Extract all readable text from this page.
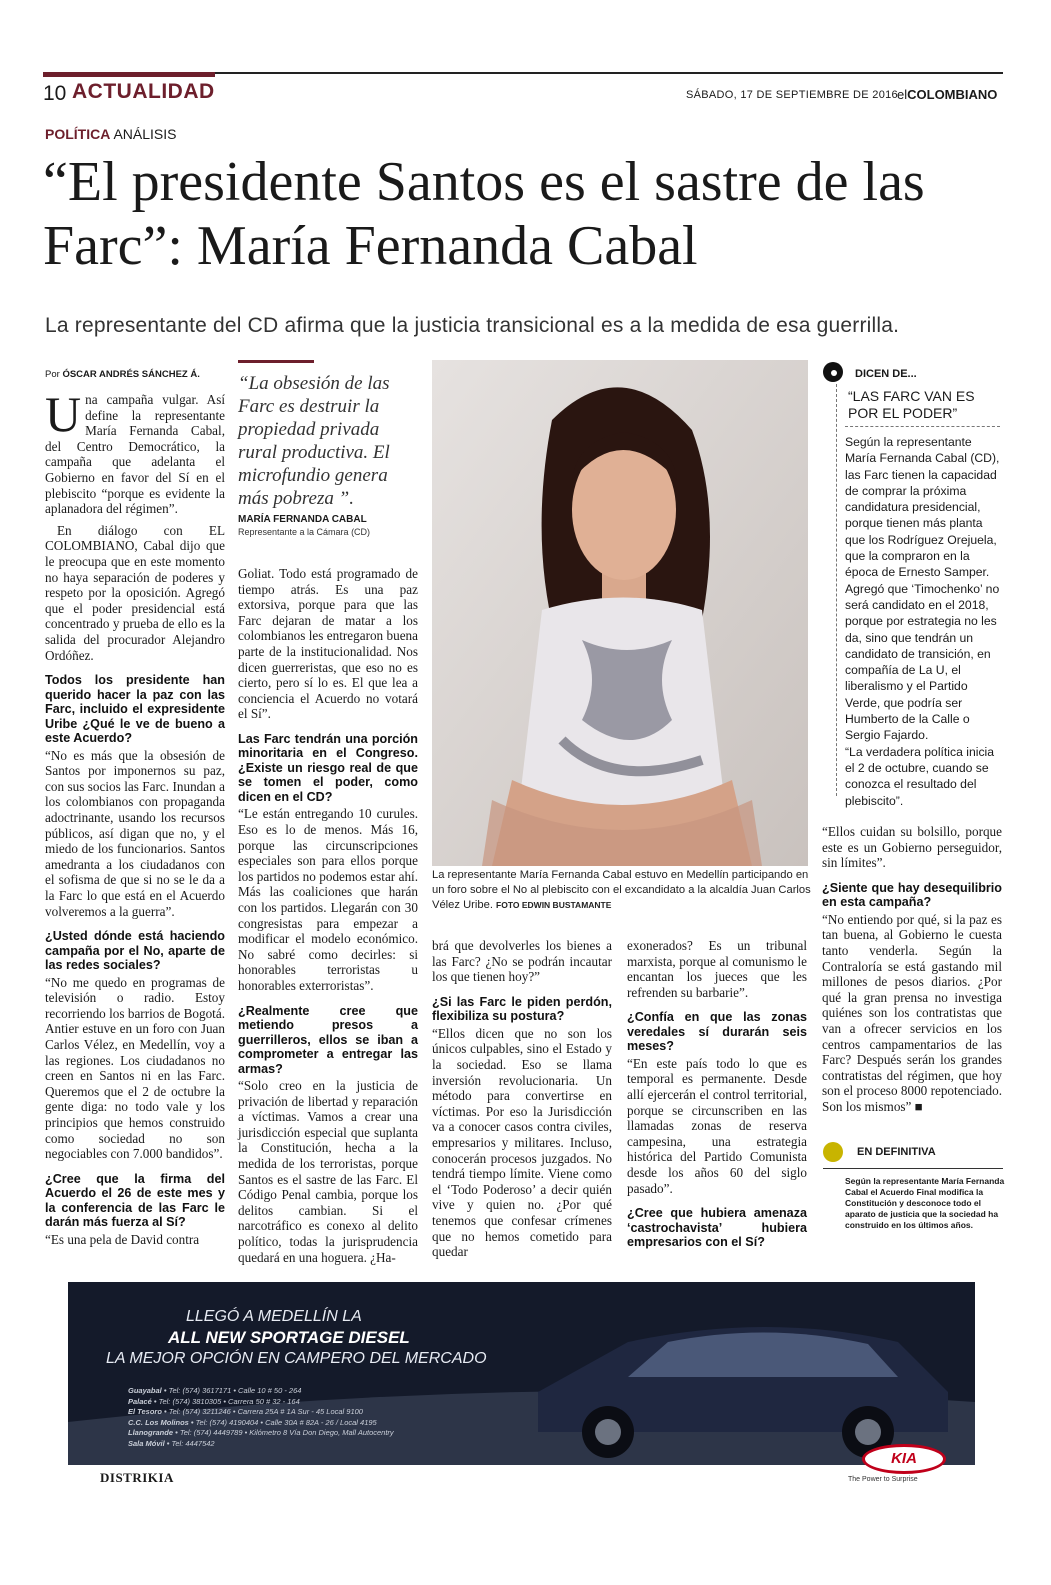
10 ACTUALIDAD	SÁBADO, 17 DE SEPTIEMBRE DE 2016 elCOLOMBIANO
POLÍTICA ANÁLISIS
“El presidente Santos es el sastre de las Farc”: María Fernanda Cabal
La representante del CD afirma que la justicia transicional es a la medida de esa guerrilla.
Por ÓSCAR ANDRÉS SÁNCHEZ Á.

Una campaña vulgar. Así define la representante María Fernanda Cabal, del Centro Democrático, la campaña que adelanta el Gobierno en favor del Sí en el plebiscito “porque es evidente la aplanadora del régimen”.

En diálogo con EL COLOMBIANO, Cabal dijo que le preocupa que en este momento no haya separación de poderes y respeto por la oposición. Agregó que el poder presidencial está concentrado y prueba de ello es la salida del procurador Alejandro Ordóñez.

Todos los presidente han querido hacer la paz con las Farc, incluido el expresidente Uribe ¿Qué le ve de bueno a este Acuerdo?

“No es más que la obsesión de Santos por imponernos su paz, con sus socios las Farc. Inundan a los colombianos con propaganda adoctrinante, usando los recursos públicos, así digan que no, y el miedo de los funcionarios. Santos amedranta a los ciudadanos con el sofisma de que si no se le da a la Farc lo que está en el Acuerdo volveremos a la guerra”.

¿Usted dónde está haciendo campaña por el No, aparte de las redes sociales?

“No me quedo en programas de televisión o radio. Estoy recorriendo los barrios de Bogotá. Antier estuve en un foro con Juan Carlos Vélez, en Medellín, voy a las regiones. Los ciudadanos no creen en Santos ni en las Farc. Queremos que el 2 de octubre la gente diga: no todo vale y los principios que hemos construido como sociedad no son negociables con 7.000 bandidos”.

¿Cree que la firma del Acuerdo el 26 de este mes y la conferencia de las Farc le darán más fuerza al Sí?

“Es una pela de David contra

“La obsesión de las Farc es destruir la propiedad privada rural productiva. El microfundio genera más pobreza ”.
MARÍA FERNANDA CABAL
Representante a la Cámara (CD)

Goliat. Todo está programado de tiempo atrás. Es una paz extorsiva, porque para que las Farc dejaran de matar a los colombianos les entregaron buena parte de la institucionalidad. Nos dicen guerreristas, que eso no es cierto, pero sí lo es. El que lea a conciencia el Acuerdo no votará el Sí”.

Las Farc tendrán una porción minoritaria en el Congreso. ¿Existe un riesgo real de que se tomen el poder, como dicen en el CD?

“Le están entregando 10 curules. Eso es lo de menos. Más 16, porque las circunscripciones especiales son para ellos porque los partidos no podemos estar ahí. Más las coaliciones que harán con los partidos. Llegarán con 30 congresistas para empezar a modificar el modelo económico. No sabré como decirles: si honorables terroristas u honorables exterroristas”.

¿Realmente cree que metiendo presos a guerrilleros, ellos se iban a comprometer a entregar las armas?

“Solo creo en la justicia de privación de libertad y reparación a víctimas. Vamos a crear una jurisdicción especial que suplanta la Constitución, hecha a la medida de los terroristas, porque Santos es el sastre de las Farc. El Código Penal cambia, porque los delitos cambian. Si el narcotráfico es conexo al delito político, todas la jurisprudencia quedará en una hoguera. ¿Ha-

La representante María Fernanda Cabal estuvo en Medellín participando en un foro sobre el No al plebiscito con el excandidato a la alcaldía Juan Carlos Vélez Uribe. FOTO EDWIN BUSTAMANTE

brá que devolverles los bienes a las Farc? ¿No se podrán incautar los que tienen hoy?”

¿Si las Farc le piden perdón, flexibiliza su postura?

“Ellos dicen que no son los únicos culpables, sino el Estado y la sociedad. Eso se llama inversión revolucionaria. Un método para convertirse en víctimas. Por eso la Jurisdicción va a conocer casos contra civiles, empresarios y militares. Incluso, conocerán procesos juzgados. No tendrá tiempo límite. Viene como el ‘Todo Poderoso’ a decir quién vive y quien no. ¿Por qué tenemos que confesar crímenes que no hemos cometido para quedar

exonerados? Es un tribunal marxista, porque al comunismo le encantan los jueces que les refrenden su barbarie”.

¿Confía en que las zonas veredales sí durarán seis meses?

“En este país todo lo que es temporal es permanente. Desde allí ejercerán el control territorial, porque se circunscriben en las llamadas zonas de reserva campesina, una estrategia histórica del Partido Comunista desde los años 60 del siglo pasado”.

¿Cree que hubiera amenaza ‘castrochavista’ hubiera empresarios con el Sí?
DICEN DE...
“LAS FARC VAN ES POR EL PODER”
Según la representante María Fernanda Cabal (CD), las Farc tienen la capacidad de comprar la próxima candidatura presidencial, porque tienen más planta que los Rodríguez Orejuela, que la compraron en la época de Ernesto Samper. Agregó que ‘Timochenko’ no será candidato en el 2018, porque por estrategia no les da, sino que tendrán un candidato de transición, en compañía de La U, el liberalismo y el Partido Verde, que podría ser Humberto de la Calle o Sergio Fajardo.
“La verdadera política inicia el 2 de octubre, cuando se conozca el resultado del plebiscito”.

“Ellos cuidan su bolsillo, porque este es un Gobierno perseguidor, sin límites”.

¿Siente que hay desequilibrio en esta campaña?

“No entiendo por qué, si la paz es tan buena, al Gobierno le cuesta tanto venderla. Según la Contraloría se está gastando mil millones de pesos diarios. ¿Por qué la gran prensa no investiga quiénes son los contratistas que van a ofrecer servicios en los centros campamentarios de las Farc? Después serán los grandes contratistas del régimen, que hoy son el proceso 8000 repotenciado. Son los mismos” ■

EN DEFINITIVA
Según la representante María Fernanda Cabal el Acuerdo Final modifica la Constitución y desconoce todo el aparato de justicia que la sociedad ha construido en los últimos años.
LLEGÓ A MEDELLÍN LA
ALL NEW SPORTAGE DIESEL
LA MEJOR OPCIÓN EN CAMPERO DEL MERCADO
Guayabal • Tel: (574) 3617171 • Calle 10 # 50 - 264
Palacé • Tel: (574) 3810305 • Carrera 50 # 32 - 164
El Tesoro • Tel: (574) 3211246 • Carrera 25A # 1A Sur - 45 Local 9100
C.C. Los Molinos • Tel: (574) 4190404 • Calle 30A # 82A - 26 / Local 4195
Llanogrande • Tel: (574) 4449789 • Kilómetro 8 Vía Don Diego, Mall Autocentry
Sala Móvil • Tel: 4447542
DISTRIKIA
KIA
The Power to Surprise
